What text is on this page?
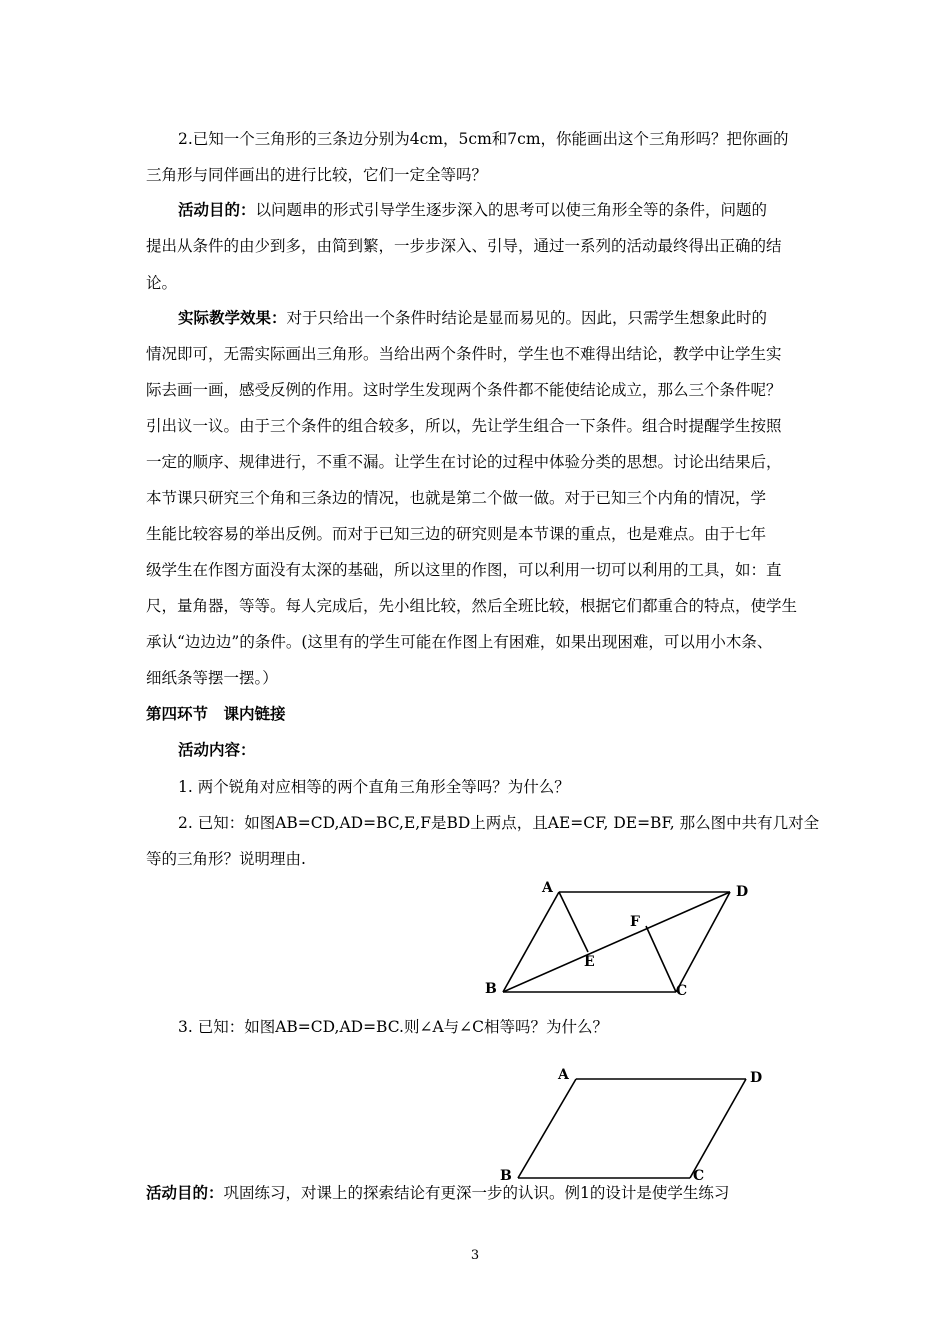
2.已知一个三角形的三条边分别为4cm，5cm和7cm，你能画出这个三角形吗？把你画的
三角形与同伴画出的进行比较，它们一定全等吗？
活动目的：以问题串的形式引导学生逐步深入的思考可以使三角形全等的条件，问题的
提出从条件的由少到多，由简到繁，一步步深入、引导，通过一系列的活动最终得出正确的结
论。
实际教学效果：对于只给出一个条件时结论是显而易见的。因此，只需学生想象此时的
情况即可，无需实际画出三角形。当给出两个条件时，学生也不难得出结论，教学中让学生实
际去画一画，感受反例的作用。这时学生发现两个条件都不能使结论成立，那么三个条件呢？
引出议一议。由于三个条件的组合较多，所以，先让学生组合一下条件。组合时提醒学生按照
一定的顺序、规律进行，不重不漏。让学生在讨论的过程中体验分类的思想。讨论出结果后，
本节课只研究三个角和三条边的情况，也就是第二个做一做。对于已知三个内角的情况，学
生能比较容易的举出反例。而对于已知三边的研究则是本节课的重点，也是难点。由于七年
级学生在作图方面没有太深的基础，所以这里的作图，可以利用一切可以利用的工具，如：直
尺，量角器，等等。每人完成后，先小组比较，然后全班比较，根据它们都重合的特点，使学生
承认“边边边”的条件。(这里有的学生可能在作图上有困难，如果出现困难，可以用小木条、
细纸条等摆一摆。）
第四环节　课内链接
活动内容：
1. 两个锐角对应相等的两个直角三角形全等吗？为什么？
2. 已知：如图AB=CD,AD=BC,E,F是BD上两点，且AE=CF, DE=BF, 那么图中共有几对全
等的三角形？说明理由.
A	D
F
E
B	C
3. 已知：如图AB=CD,AD=BC.则∠A与∠C相等吗？为什么？
A	D
B	C
活动目的：巩固练习，对课上的探索结论有更深一步的认识。例1的设计是使学生练习
3
